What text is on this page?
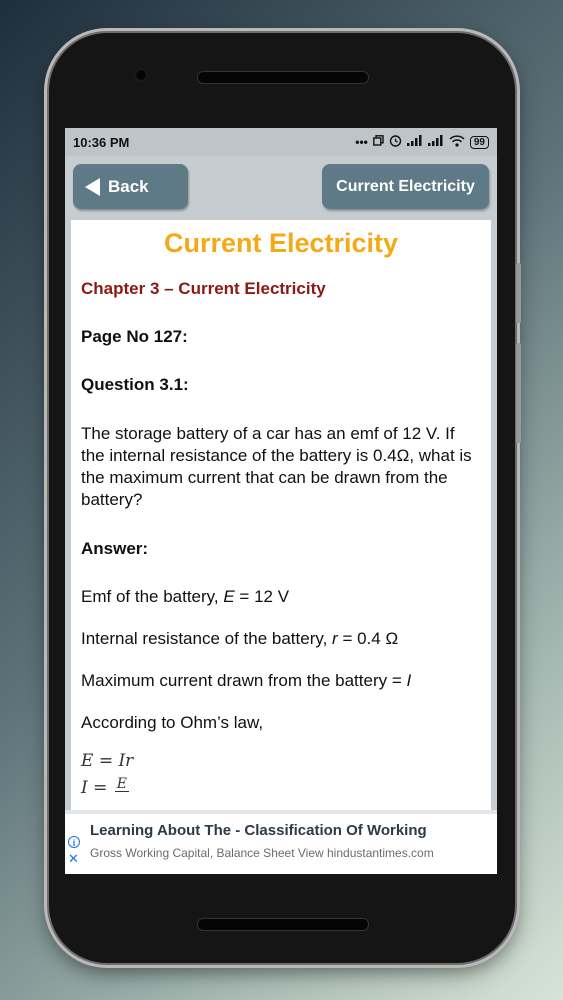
10:36 PM	•••	99
Back	Current Electricity
Current Electricity
Chapter 3 – Current Electricity
Page No 127:
Question 3.1:
The storage battery of a car has an emf of 12 V. If the internal resistance of the battery is 0.4Ω, what is the maximum current that can be drawn from the battery?
Answer:
Emf of the battery, E = 12 V
Internal resistance of the battery, r = 0.4 Ω
Maximum current drawn from the battery = I
According to Ohm’s law,
E = Ir
I = E
i
✕
Learning About The - Classification Of Working
Gross Working Capital, Balance Sheet View hindustantimes.com
